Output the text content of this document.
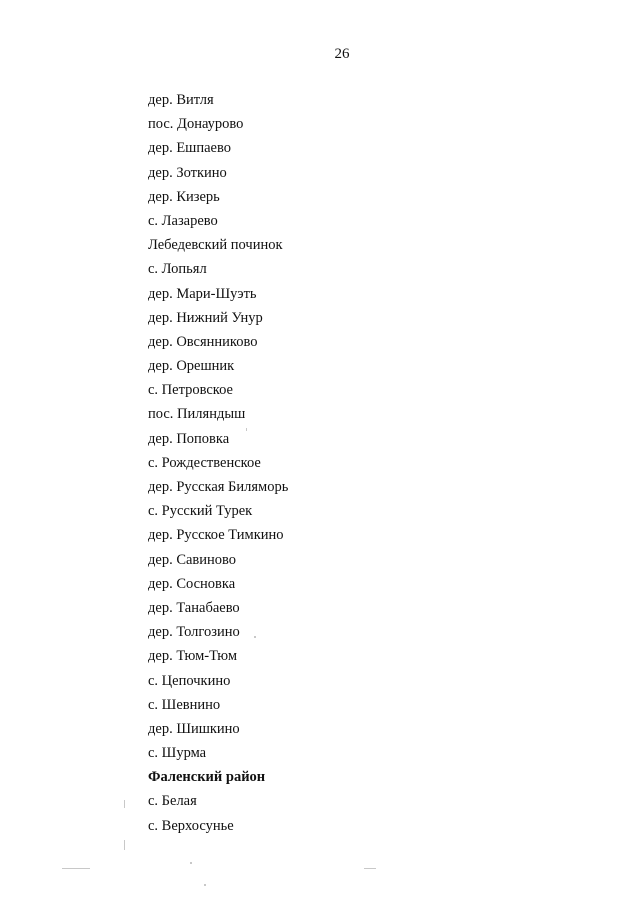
26
дер. Витля
пос. Донаурово
дер. Ешпаево
дер. Зоткино
дер. Кизерь
с. Лазарево
Лебедевский починок
с. Лопьял
дер. Мари-Шуэть
дер. Нижний Унур
дер. Овсянниково
дер. Орешник
с. Петровское
пос. Пиляндыш
дер. Поповка
с. Рождественское
дер. Русская Биляморь
с. Русский Турек
дер. Русское Тимкино
дер. Савиново
дер. Сосновка
дер. Танабаево
дер. Толгозино
дер. Тюм-Тюм
с. Цепочкино
с. Шевнино
дер. Шишкино
с. Шурма
Фаленский район
с. Белая
с. Верхосунье
